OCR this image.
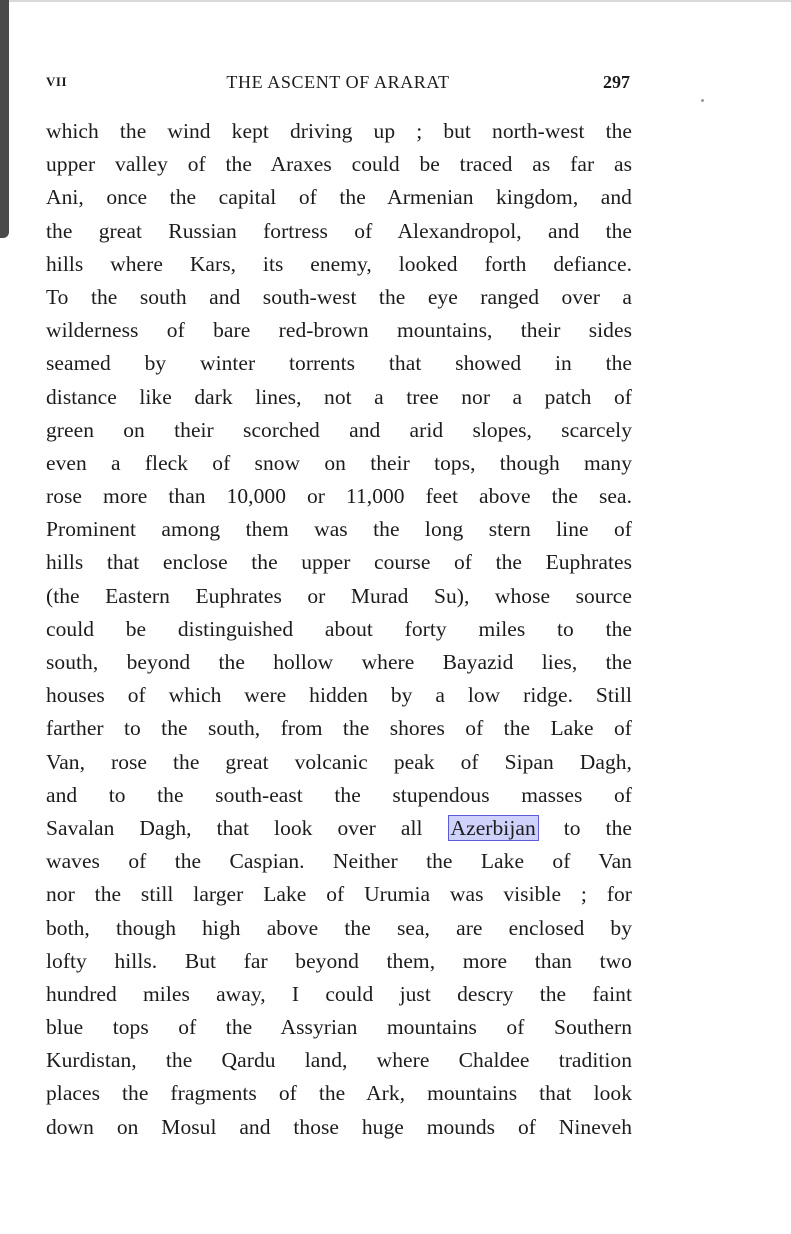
VII	THE ASCENT OF ARARAT	297
which the wind kept driving up ; but north-west the
upper valley of the Araxes could be traced as far as
Ani, once the capital of the Armenian kingdom, and
the great Russian fortress of Alexandropol, and the
hills where Kars, its enemy, looked forth defiance.
To the south and south-west the eye ranged over a
wilderness of bare red-brown mountains, their sides
seamed by winter torrents that showed in the
distance like dark lines, not a tree nor a patch of
green on their scorched and arid slopes, scarcely
even a fleck of snow on their tops, though many
rose more than 10,000 or 11,000 feet above the sea.
Prominent among them was the long stern line of
hills that enclose the upper course of the Euphrates
(the Eastern Euphrates or Murad Su), whose source
could be distinguished about forty miles to the
south, beyond the hollow where Bayazid lies, the
houses of which were hidden by a low ridge. Still
farther to the south, from the shores of the Lake of
Van, rose the great volcanic peak of Sipan Dagh,
and to the south-east the stupendous masses of
Savalan Dagh, that look over all Azerbijan to the
waves of the Caspian. Neither the Lake of Van
nor the still larger Lake of Urumia was visible ; for
both, though high above the sea, are enclosed by
lofty hills. But far beyond them, more than two
hundred miles away, I could just descry the faint
blue tops of the Assyrian mountains of Southern
Kurdistan, the Qardu land, where Chaldee tradition
places the fragments of the Ark, mountains that look
down on Mosul and those huge mounds of Nineveh
